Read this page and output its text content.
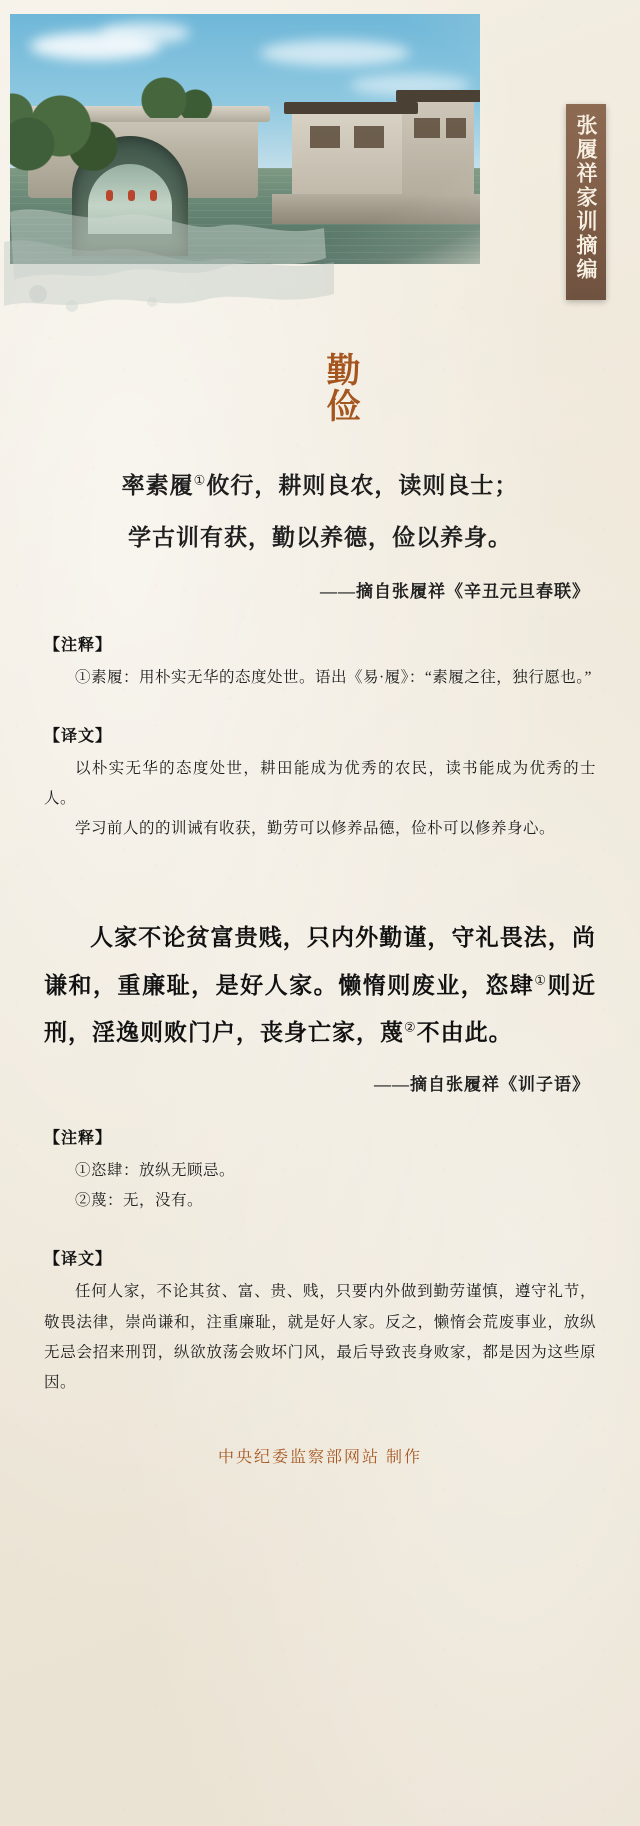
张履祥家训摘编
勤俭

率素履①攸行，耕则良农，读则良士；

学古训有获，勤以养德，俭以养身。

——摘自张履祥《辛丑元旦春联》
【注释】

①素履：用朴实无华的态度处世。语出《易·履》：“素履之往，独行愿也。”

【译文】

以朴实无华的态度处世，耕田能成为优秀的农民，读书能成为优秀的士人。

学习前人的的训诫有收获，勤劳可以修养品德，俭朴可以修养身心。

人家不论贫富贵贱，只内外勤谨，守礼畏法，尚谦和，重廉耻，是好人家。懒惰则废业，恣肆①则近刑，淫逸则败门户，丧身亡家，蔑②不由此。

——摘自张履祥《训子语》
【注释】

①恣肆：放纵无顾忌。

②蔑：无，没有。

【译文】

任何人家，不论其贫、富、贵、贱，只要内外做到勤劳谨慎，遵守礼节，敬畏法律，崇尚谦和，注重廉耻，就是好人家。反之，懒惰会荒废事业，放纵无忌会招来刑罚，纵欲放荡会败坏门风，最后导致丧身败家，都是因为这些原因。

中央纪委监察部网站 制作
